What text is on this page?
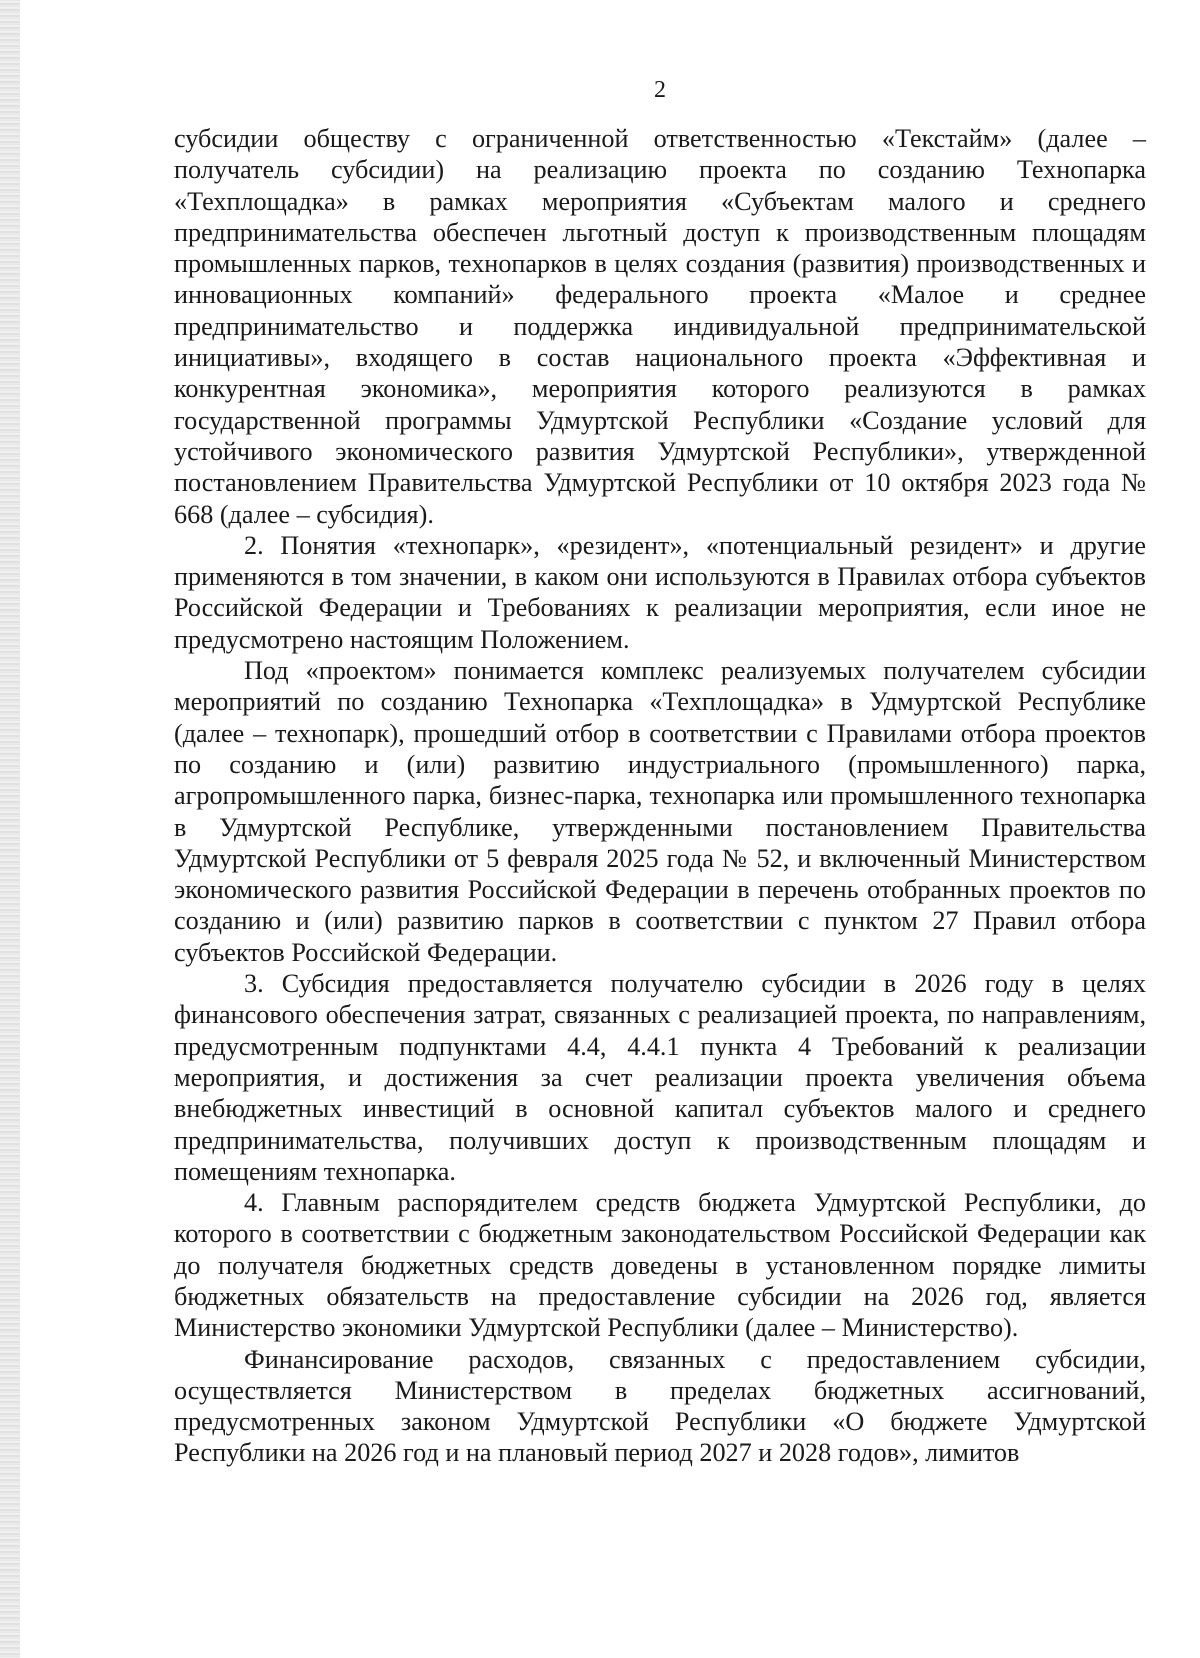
2

субсидии обществу с ограниченной ответственностью «Текстайм» (далее – получатель субсидии) на реализацию проекта по созданию Технопарка «Техплощадка» в рамках мероприятия «Субъектам малого и среднего предпринимательства обеспечен льготный доступ к производственным площадям промышленных парков, технопарков в целях создания (развития) производственных и инновационных компаний» федерального проекта «Малое и среднее предпринимательство и поддержка индивидуальной предпринимательской инициативы», входящего в состав национального проекта «Эффективная и конкурентная экономика», мероприятия которого реализуются в рамках государственной программы Удмуртской Республики «Создание условий для устойчивого экономического развития Удмуртской Республики», утвержденной постановлением Правительства Удмуртской Республики от 10 октября 2023 года № 668 (далее – субсидия).

2. Понятия «технопарк», «резидент», «потенциальный резидент» и другие применяются в том значении, в каком они используются в Правилах отбора субъектов Российской Федерации и Требованиях к реализации мероприятия, если иное не предусмотрено настоящим Положением.

Под «проектом» понимается комплекс реализуемых получателем субсидии мероприятий по созданию Технопарка «Техплощадка» в Удмуртской Республике (далее – технопарк), прошедший отбор в соответствии с Правилами отбора проектов по созданию и (или) развитию индустриального (промышленного) парка, агропромышленного парка, бизнес-парка, технопарка или промышленного технопарка в Удмуртской Республике, утвержденными постановлением Правительства Удмуртской Республики от 5 февраля 2025 года № 52, и включенный Министерством экономического развития Российской Федерации в перечень отобранных проектов по созданию и (или) развитию парков в соответствии с пунктом 27 Правил отбора субъектов Российской Федерации.

3. Субсидия предоставляется получателю субсидии в 2026 году в целях финансового обеспечения затрат, связанных с реализацией проекта, по направлениям, предусмотренным подпунктами 4.4, 4.4.1 пункта 4 Требований к реализации мероприятия, и достижения за счет реализации проекта увеличения объема внебюджетных инвестиций в основной капитал субъектов малого и среднего предпринимательства, получивших доступ к производственным площадям и помещениям технопарка.

4. Главным распорядителем средств бюджета Удмуртской Республики, до которого в соответствии с бюджетным законодательством Российской Федерации как до получателя бюджетных средств доведены в установленном порядке лимиты бюджетных обязательств на предоставление субсидии на 2026 год, является Министерство экономики Удмуртской Республики (далее – Министерство).

Финансирование расходов, связанных с предоставлением субсидии, осуществляется Министерством в пределах бюджетных ассигнований, предусмотренных законом Удмуртской Республики «О бюджете Удмуртской Республики на 2026 год и на плановый период 2027 и 2028 годов», лимитов
